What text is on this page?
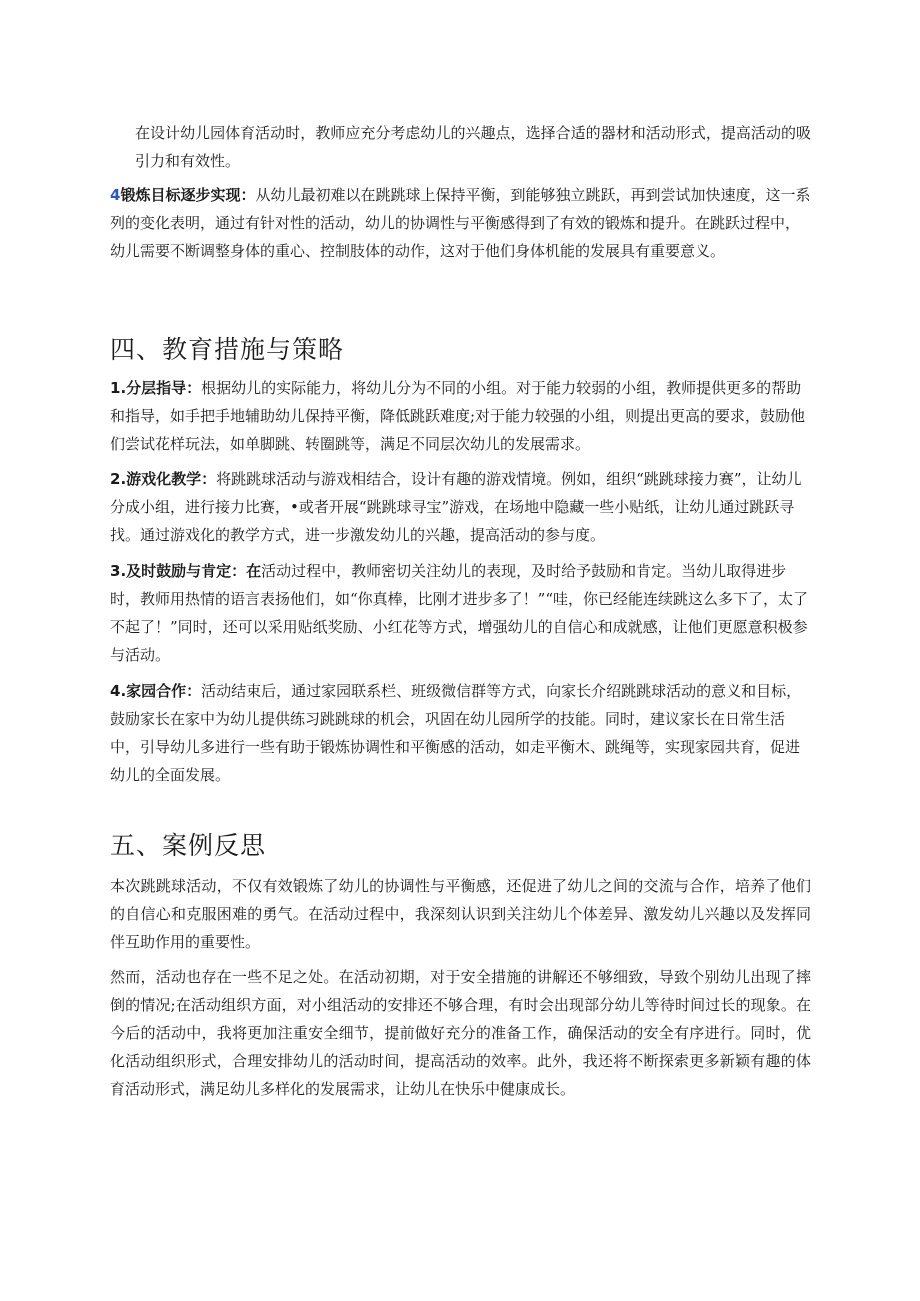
在设计幼儿园体育活动时，教师应充分考虑幼儿的兴趣点，选择合适的器材和活动形式，提高活动的吸引力和有效性。
4锻炼目标逐步实现：从幼儿最初难以在跳跳球上保持平衡，到能够独立跳跃，再到尝试加快速度，这一系列的变化表明，通过有针对性的活动，幼儿的协调性与平衡感得到了有效的锻炼和提升。在跳跃过程中，幼儿需要不断调整身体的重心、控制肢体的动作，这对于他们身体机能的发展具有重要意义。
四、教育措施与策略
1.分层指导：根据幼儿的实际能力，将幼儿分为不同的小组。对于能力较弱的小组，教师提供更多的帮助和指导，如手把手地辅助幼儿保持平衡，降低跳跃难度;对于能力较强的小组，则提出更高的要求，鼓励他们尝试花样玩法，如单脚跳、转圈跳等，满足不同层次幼儿的发展需求。
2.游戏化教学：将跳跳球活动与游戏相结合，设计有趣的游戏情境。例如，组织“跳跳球接力赛”，让幼儿分成小组，进行接力比赛，•或者开展“跳跳球寻宝”游戏，在场地中隐藏一些小贴纸，让幼儿通过跳跃寻找。通过游戏化的教学方式，进一步激发幼儿的兴趣，提高活动的参与度。
3.及时鼓励与肯定：在活动过程中，教师密切关注幼儿的表现，及时给予鼓励和肯定。当幼儿取得进步时，教师用热情的语言表扬他们，如“你真棒，比刚才进步多了！”“哇，你已经能连续跳这么多下了，太了不起了！”同时，还可以采用贴纸奖励、小红花等方式，增强幼儿的自信心和成就感，让他们更愿意积极参与活动。
4.家园合作：活动结束后，通过家园联系栏、班级微信群等方式，向家长介绍跳跳球活动的意义和目标，鼓励家长在家中为幼儿提供练习跳跳球的机会，巩固在幼儿园所学的技能。同时，建议家长在日常生活中，引导幼儿多进行一些有助于锻炼协调性和平衡感的活动，如走平衡木、跳绳等，实现家园共育，促进幼儿的全面发展。
五、案例反思
本次跳跳球活动，不仅有效锻炼了幼儿的协调性与平衡感，还促进了幼儿之间的交流与合作，培养了他们的自信心和克服困难的勇气。在活动过程中，我深刻认识到关注幼儿个体差异、激发幼儿兴趣以及发挥同伴互助作用的重要性。
然而，活动也存在一些不足之处。在活动初期，对于安全措施的讲解还不够细致，导致个别幼儿出现了摔倒的情况;在活动组织方面，对小组活动的安排还不够合理，有时会出现部分幼儿等待时间过长的现象。在今后的活动中，我将更加注重安全细节，提前做好充分的准备工作，确保活动的安全有序进行。同时，优化活动组织形式，合理安排幼儿的活动时间，提高活动的效率。此外，我还将不断探索更多新颖有趣的体育活动形式，满足幼儿多样化的发展需求，让幼儿在快乐中健康成长。
